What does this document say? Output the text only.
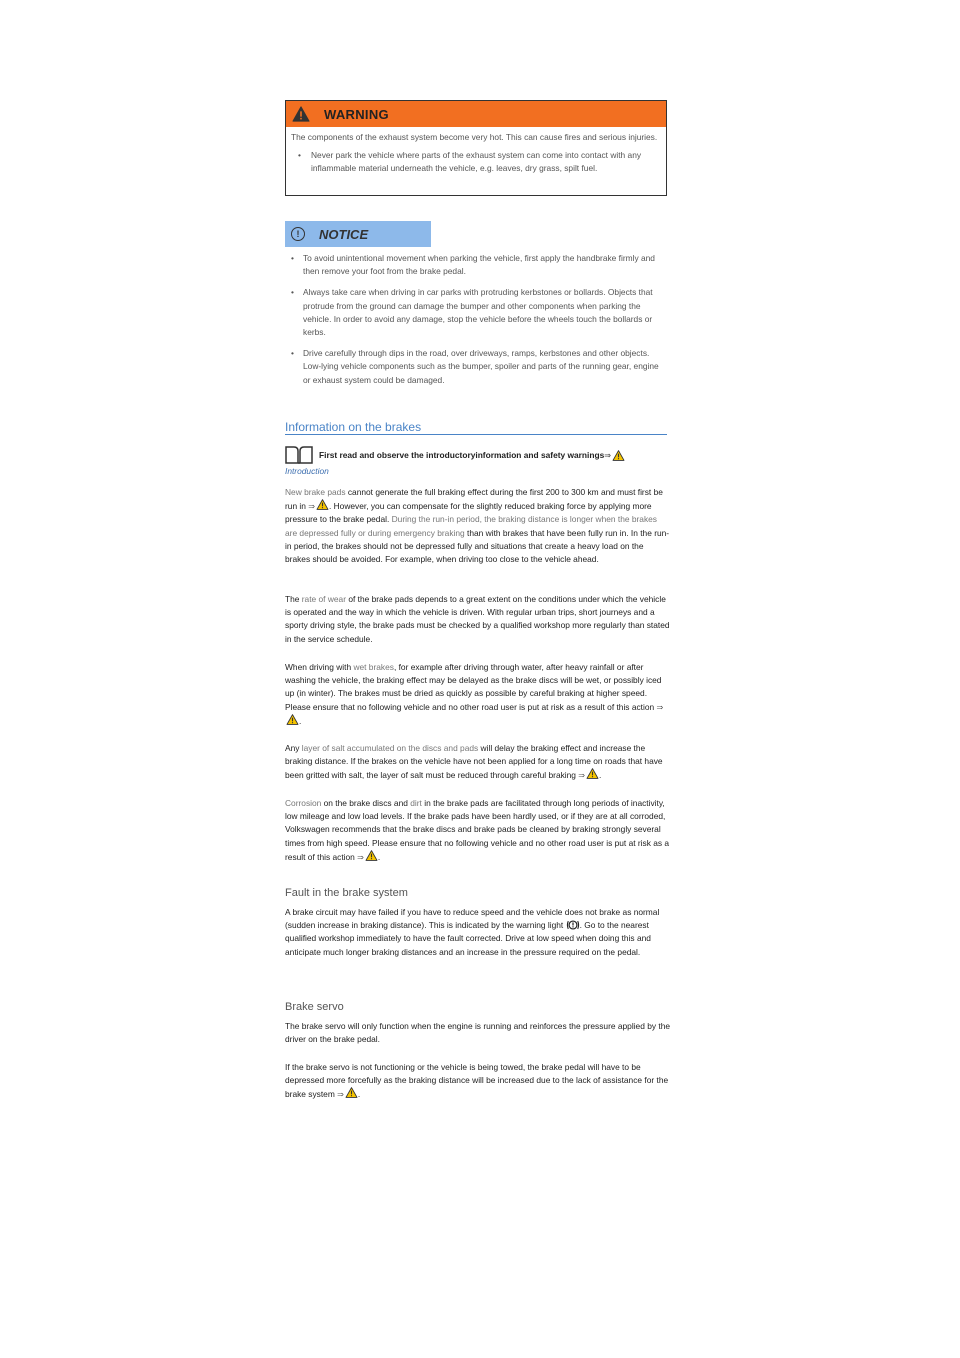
WARNING

The components of the exhaust system become very hot. This can cause fires and serious injuries.

• Never park the vehicle where parts of the exhaust system can come into contact with any inflammable material underneath the vehicle, e.g. leaves, dry grass, spilt fuel.
!	NOTICE
• To avoid unintentional movement when parking the vehicle, first apply the handbrake firmly and then remove your foot from the brake pedal.
• Always take care when driving in car parks with protruding kerbstones or bollards. Objects that protrude from the ground can damage the bumper and other components when parking the vehicle. In order to avoid any damage, stop the vehicle before the wheels touch the bollards or kerbs.
• Drive carefully through dips in the road, over driveways, ramps, kerbstones and other objects. Low-lying vehicle components such as the bumper, spoiler and parts of the running gear, engine or exhaust system could be damaged.
Information on the brakes
First read and observe the introductoryinformation and safety warnings ⇒
Introduction

New brake pads cannot generate the full braking effect during the first 200 to 300 km and must first be run in ⇒ . However, you can compensate for the slightly reduced braking force by applying more pressure to the brake pedal. During the run-in period, the braking distance is longer when the brakes are depressed fully or during emergency braking than with brakes that have been fully run in. In the run-in period, the brakes should not be depressed fully and situations that create a heavy load on the brakes should be avoided. For example, when driving too close to the vehicle ahead.

The rate of wear of the brake pads depends to a great extent on the conditions under which the vehicle is operated and the way in which the vehicle is driven. With regular urban trips, short journeys and a sporty driving style, the brake pads must be checked by a qualified workshop more regularly than stated in the service schedule.

When driving with wet brakes, for example after driving through water, after heavy rainfall or after washing the vehicle, the braking effect may be delayed as the brake discs will be wet, or possibly iced up (in winter). The brakes must be dried as quickly as possible by careful braking at higher speed. Please ensure that no following vehicle and no other road user is put at risk as a result of this action ⇒.

Any layer of salt accumulated on the discs and pads will delay the braking effect and increase the braking distance. If the brakes on the vehicle have not been applied for a long time on roads that have been gritted with salt, the layer of salt must be reduced through careful braking ⇒ .

Corrosion on the brake discs and dirt in the brake pads are facilitated through long periods of inactivity, low mileage and low load levels. If the brake pads have been hardly used, or if they are at all corroded, Volkswagen recommends that the brake discs and brake pads be cleaned by braking strongly several times from high speed. Please ensure that no following vehicle and no other road user is put at risk as a result of this action ⇒ .

Fault in the brake system

A brake circuit may have failed if you have to reduce speed and the vehicle does not brake as normal (sudden increase in braking distance). This is indicated by the warning light . Go to the nearest qualified workshop immediately to have the fault corrected. Drive at low speed when doing this and anticipate much longer braking distances and an increase in the pressure required on the pedal.

Brake servo

The brake servo will only function when the engine is running and reinforces the pressure applied by the driver on the brake pedal.

If the brake servo is not functioning or the vehicle is being towed, the brake pedal will have to be depressed more forcefully as the braking distance will be increased due to the lack of assistance for the brake system ⇒ .
